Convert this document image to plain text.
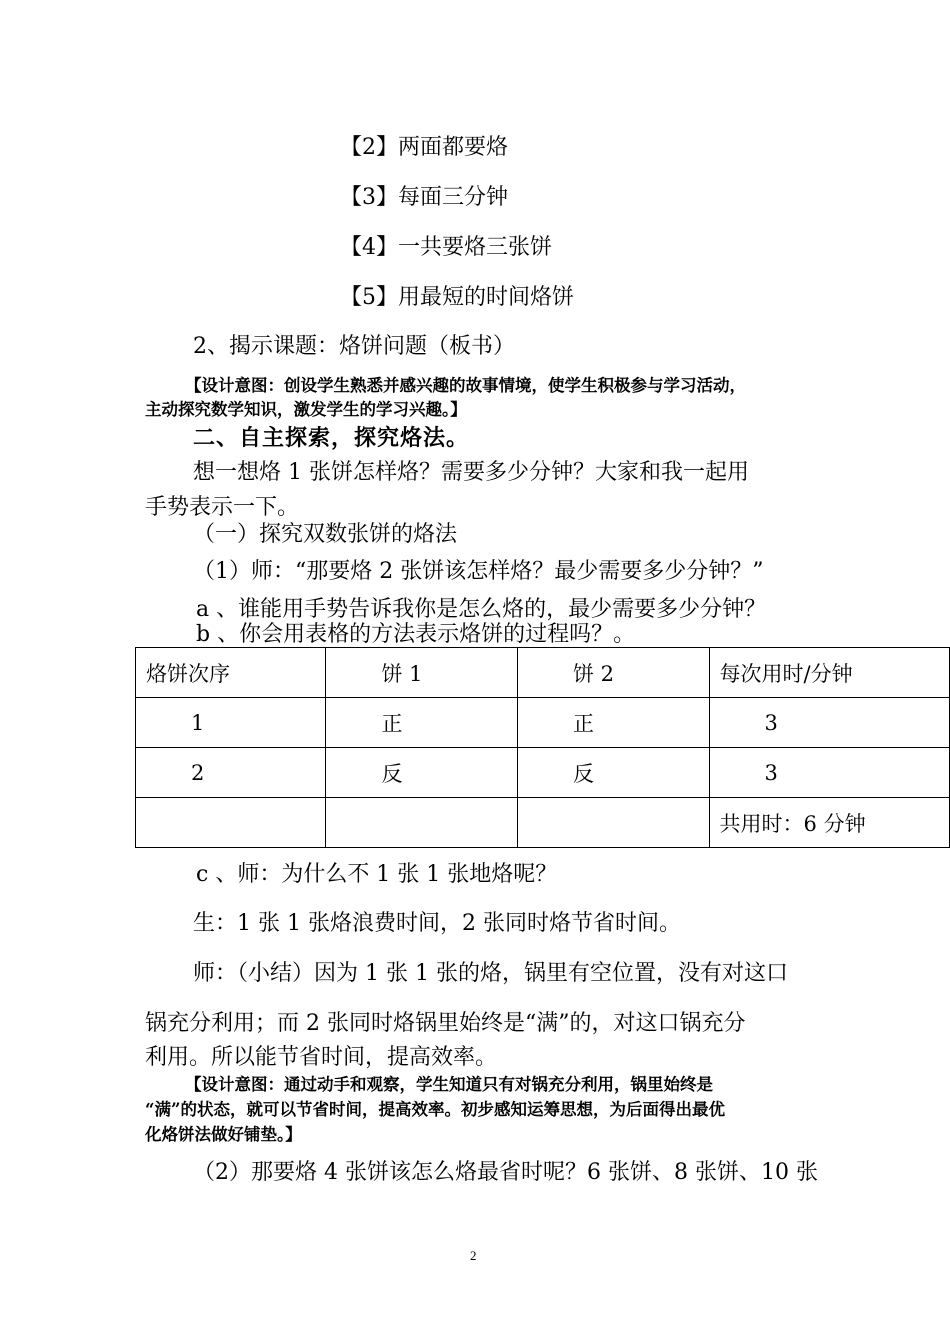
【2】两面都要烙
【3】每面三分钟
【4】一共要烙三张饼
【5】用最短的时间烙饼
2、揭示课题：烙饼问题（板书）
【设计意图：创设学生熟悉并感兴趣的故事情境，使学生积极参与学习活动，
主动探究数学知识，激发学生的学习兴趣。】
二、自主探索，探究烙法。
想一想烙 1 张饼怎样烙？需要多少分钟？大家和我一起用
手势表示一下。
（一）探究双数张饼的烙法
（1）师：“那要烙 2 张饼该怎样烙？最少需要多少分钟？”
a 、谁能用手势告诉我你是怎么烙的，最少需要多少分钟？
b 、你会用表格的方法表示烙饼的过程吗？。
烙饼次序	饼 1	饼 2	每次用时/分钟
1	正	正	3
2	反	反	3
			共用时：6 分钟
c 、师：为什么不 1 张 1 张地烙呢？
生：1 张 1 张烙浪费时间，2 张同时烙节省时间。
师：（小结）因为 1 张 1 张的烙，锅里有空位置，没有对这口
锅充分利用；而 2 张同时烙锅里始终是“满”的，对这口锅充分
利用。所以能节省时间，提高效率。
【设计意图：通过动手和观察，学生知道只有对锅充分利用，锅里始终是
“满”的状态，就可以节省时间，提高效率。初步感知运筹思想，为后面得出最优
化烙饼法做好铺垫。】
（2）那要烙 4 张饼该怎么烙最省时呢？6 张饼、8 张饼、10 张
2
